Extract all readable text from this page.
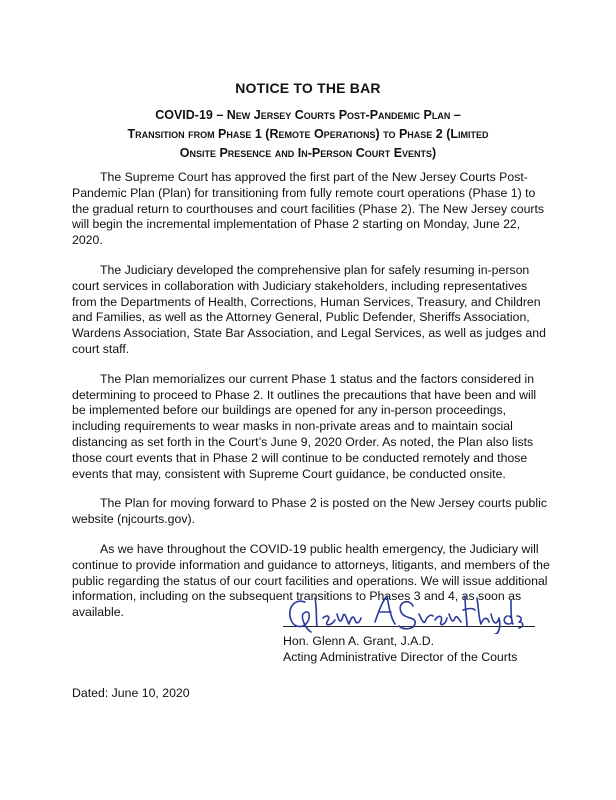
NOTICE TO THE BAR
COVID-19 – New Jersey Courts Post-Pandemic Plan –
Transition from Phase 1 (Remote Operations) to Phase 2 (Limited
Onsite Presence and In-Person Court Events)

The Supreme Court has approved the first part of the New Jersey Courts Post-Pandemic Plan (Plan) for transitioning from fully remote court operations (Phase 1) to the gradual return to courthouses and court facilities (Phase 2). The New Jersey courts will begin the incremental implementation of Phase 2 starting on Monday, June 22, 2020.

The Judiciary developed the comprehensive plan for safely resuming in-person court services in collaboration with Judiciary stakeholders, including representatives from the Departments of Health, Corrections, Human Services, Treasury, and Children and Families, as well as the Attorney General, Public Defender, Sheriffs Association, Wardens Association, State Bar Association, and Legal Services, as well as judges and court staff.

The Plan memorializes our current Phase 1 status and the factors considered in determining to proceed to Phase 2. It outlines the precautions that have been and will be implemented before our buildings are opened for any in-person proceedings, including requirements to wear masks in non-private areas and to maintain social distancing as set forth in the Court’s June 9, 2020 Order. As noted, the Plan also lists those court events that in Phase 2 will continue to be conducted remotely and those events that may, consistent with Supreme Court guidance, be conducted onsite.

The Plan for moving forward to Phase 2 is posted on the New Jersey courts public website (njcourts.gov).

As we have throughout the COVID-19 public health emergency, the Judiciary will continue to provide information and guidance to attorneys, litigants, and members of the public regarding the status of our court facilities and operations. We will issue additional information, including on the subsequent transitions to Phases 3 and 4, as soon as available.

Hon. Glenn A. Grant, J.A.D.
Acting Administrative Director of the Courts
Dated: June 10, 2020
